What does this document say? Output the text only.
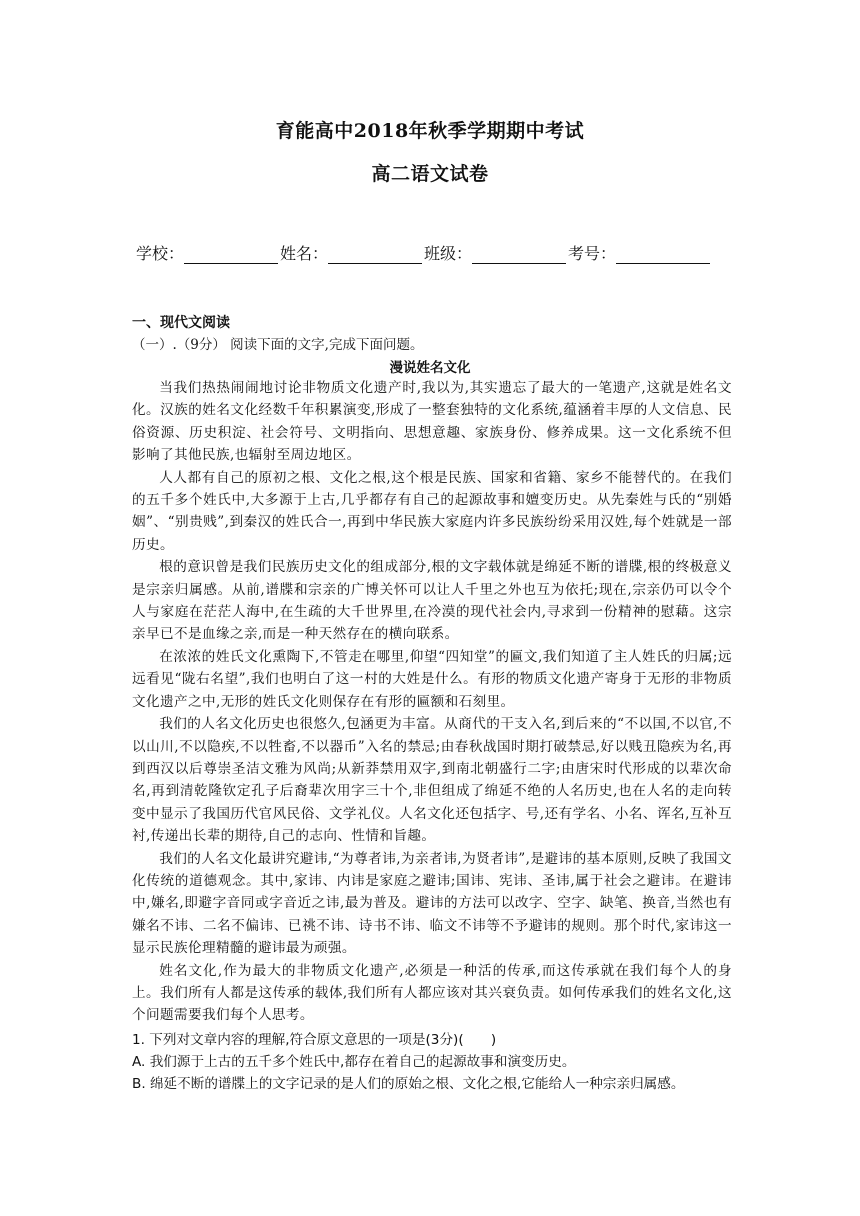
育能高中2018年秋季学期期中考试
高二语文试卷
学校：	姓名：	班级：	考号：
一、现代文阅读
（一）.（9分） 阅读下面的文字,完成下面问题。
漫说姓名文化

当我们热热闹闹地讨论非物质文化遗产时,我以为,其实遗忘了最大的一笔遗产,这就是姓名文化。汉族的姓名文化经数千年积累演变,形成了一整套独特的文化系统,蕴涵着丰厚的人文信息、民俗资源、历史积淀、社会符号、文明指向、思想意趣、家族身份、修养成果。这一文化系统不但影响了其他民族,也辐射至周边地区。

人人都有自己的原初之根、文化之根,这个根是民族、国家和省籍、家乡不能替代的。在我们的五千多个姓氏中,大多源于上古,几乎都存有自己的起源故事和嬗变历史。从先秦姓与氏的“别婚姻”、“别贵贱”,到秦汉的姓氏合一,再到中华民族大家庭内许多民族纷纷采用汉姓,每个姓就是一部历史。

根的意识曾是我们民族历史文化的组成部分,根的文字载体就是绵延不断的谱牒,根的终极意义是宗亲归属感。从前,谱牒和宗亲的广博关怀可以让人千里之外也互为依托;现在,宗亲仍可以令个人与家庭在茫茫人海中,在生疏的大千世界里,在冷漠的现代社会内,寻求到一份精神的慰藉。这宗亲早已不是血缘之亲,而是一种天然存在的横向联系。

在浓浓的姓氏文化熏陶下,不管走在哪里,仰望“四知堂”的匾文,我们知道了主人姓氏的归属;远远看见“陇右名望”,我们也明白了这一村的大姓是什么。有形的物质文化遗产寄身于无形的非物质文化遗产之中,无形的姓氏文化则保存在有形的匾额和石刻里。

我们的人名文化历史也很悠久,包涵更为丰富。从商代的干支入名,到后来的“不以国,不以官,不以山川,不以隐疾,不以牲畜,不以器币”入名的禁忌;由春秋战国时期打破禁忌,好以贱丑隐疾为名,再到西汉以后尊崇圣洁文雅为风尚;从新莽禁用双字,到南北朝盛行二字;由唐宋时代形成的以辈次命名,再到清乾隆钦定孔子后裔辈次用字三十个,非但组成了绵延不绝的人名历史,也在人名的走向转变中显示了我国历代官风民俗、文学礼仪。人名文化还包括字、号,还有学名、小名、诨名,互补互衬,传递出长辈的期待,自己的志向、性情和旨趣。

我们的人名文化最讲究避讳,“为尊者讳,为亲者讳,为贤者讳”,是避讳的基本原则,反映了我国文化传统的道德观念。其中,家讳、内讳是家庭之避讳;国讳、宪讳、圣讳,属于社会之避讳。在避讳中,嫌名,即避字音同或字音近之讳,最为普及。避讳的方法可以改字、空字、缺笔、换音,当然也有嫌名不讳、二名不偏讳、已祧不讳、诗书不讳、临文不讳等不予避讳的规则。那个时代,家讳这一显示民族伦理精髓的避讳最为顽强。

姓名文化,作为最大的非物质文化遗产,必须是一种活的传承,而这传承就在我们每个人的身上。我们所有人都是这传承的载体,我们所有人都应该对其兴衰负责。如何传承我们的姓名文化,这个问题需要我们每个人思考。

1. 下列对文章内容的理解,符合原文意思的一项是(3分)(　　)
A. 我们源于上古的五千多个姓氏中,都存在着自己的起源故事和演变历史。
B. 绵延不断的谱牒上的文字记录的是人们的原始之根、文化之根,它能给人一种宗亲归属感。
